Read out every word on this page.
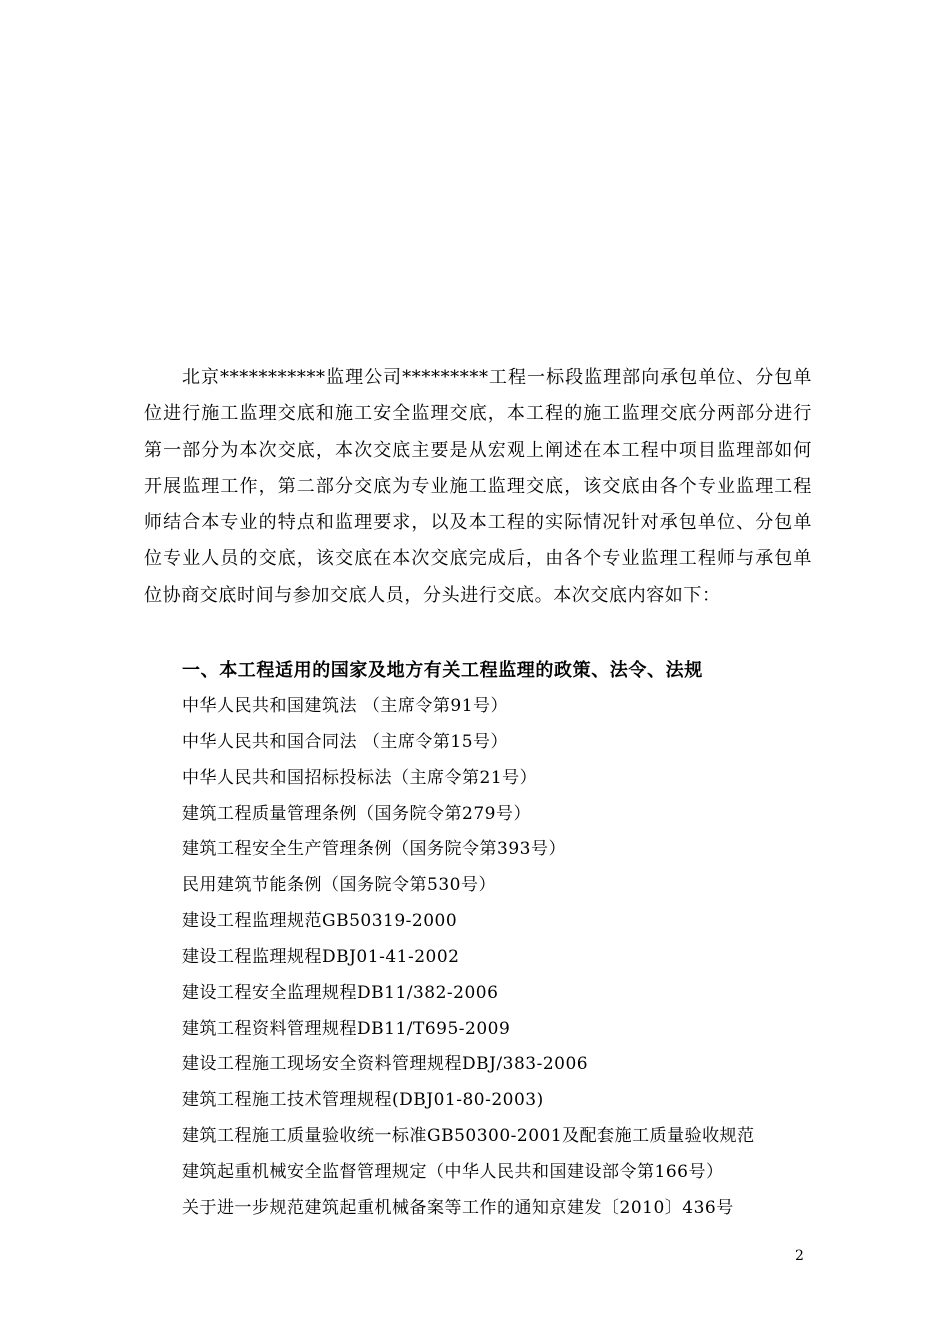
北京***********监理公司*********工程一标段监理部向承包单位、分包单位进行施工监理交底和施工安全监理交底，本工程的施工监理交底分两部分进行第一部分为本次交底，本次交底主要是从宏观上阐述在本工程中项目监理部如何开展监理工作，第二部分交底为专业施工监理交底，该交底由各个专业监理工程师结合本专业的特点和监理要求，以及本工程的实际情况针对承包单位、分包单位专业人员的交底，该交底在本次交底完成后，由各个专业监理工程师与承包单位协商交底时间与参加交底人员，分头进行交底。本次交底内容如下：

一、本工程适用的国家及地方有关工程监理的政策、法令、法规

中华人民共和国建筑法 （主席令第91号）
中华人民共和国合同法 （主席令第15号）
中华人民共和国招标投标法（主席令第21号）
建筑工程质量管理条例（国务院令第279号）
建筑工程安全生产管理条例（国务院令第393号）
民用建筑节能条例（国务院令第530号）
建设工程监理规范GB50319-2000
建设工程监理规程DBJ01-41-2002
建设工程安全监理规程DB11/382-2006
建筑工程资料管理规程DB11/T695-2009
建设工程施工现场安全资料管理规程DBJ/383-2006
建筑工程施工技术管理规程(DBJ01-80-2003)
建筑工程施工质量验收统一标准GB50300-2001及配套施工质量验收规范
建筑起重机械安全监督管理规定（中华人民共和国建设部令第166号）
关于进一步规范建筑起重机械备案等工作的通知京建发〔2010〕436号
2
